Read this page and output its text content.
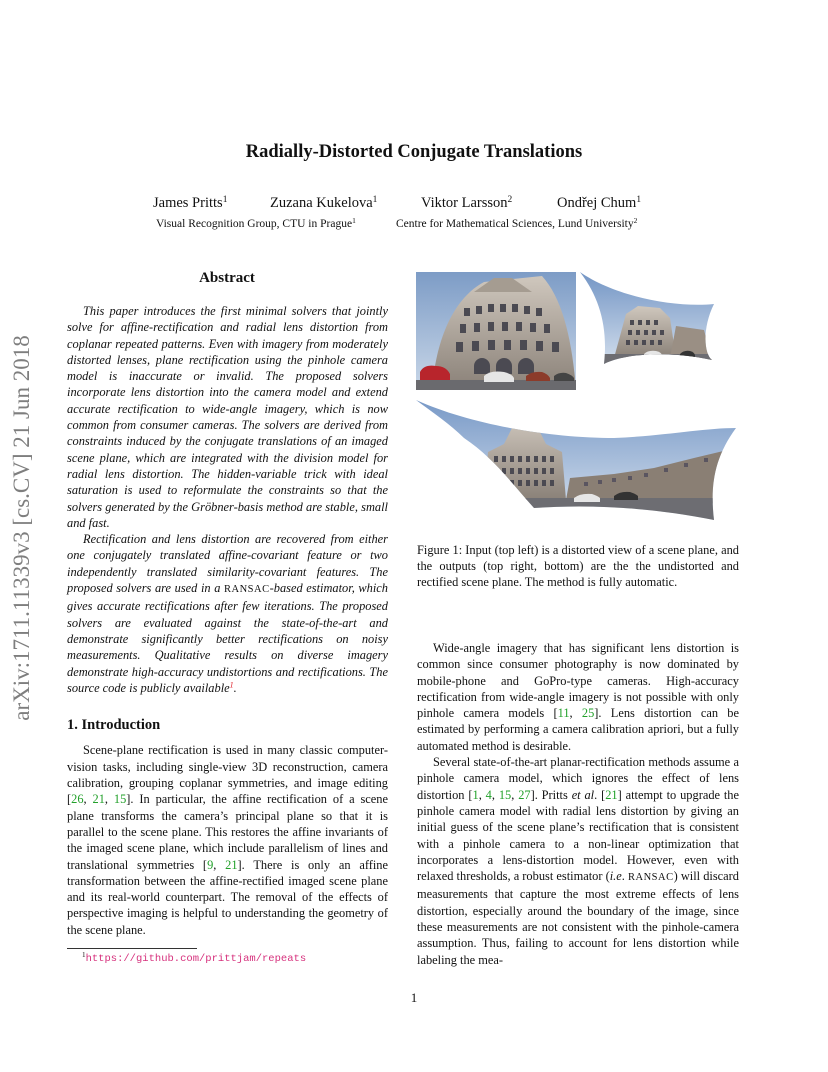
arXiv:1711.11339v3 [cs.CV] 21 Jun 2018
Radially-Distorted Conjugate Translations
James Pritts$^1$	Zuzana Kukelova$^1$	Viktor Larsson$^2$	Ondřej Chum$^1$
Visual Recognition Group, CTU in Prague$^1$	Centre for Mathematical Sciences, Lund University$^2$
Abstract

This paper introduces the first minimal solvers that jointly solve for affine-rectification and radial lens distortion from coplanar repeated patterns. Even with imagery from moderately distorted lenses, plane rectification using the pinhole camera model is inaccurate or invalid. The proposed solvers incorporate lens distortion into the camera model and extend accurate rectification to wide-angle imagery, which is now common from consumer cameras. The solvers are derived from constraints induced by the conjugate translations of an imaged scene plane, which are integrated with the division model for radial lens distortion. The hidden-variable trick with ideal saturation is used to reformulate the constraints so that the solvers generated by the Gröbner-basis method are stable, small and fast.

Rectification and lens distortion are recovered from either one conjugately translated affine-covariant feature or two independently translated similarity-covariant features. The proposed solvers are used in a RANSAC-based estimator, which gives accurate rectifications after few iterations. The proposed solvers are evaluated against the state-of-the-art and demonstrate significantly better rectifications on noisy measurements. Qualitative results on diverse imagery demonstrate high-accuracy undistortions and rectifications. The source code is publicly available$^1$.

1. Introduction

Scene-plane rectification is used in many classic computer-vision tasks, including single-view 3D reconstruction, camera calibration, grouping coplanar symmetries, and image editing [26, 21, 15]. In particular, the affine rectification of a scene plane transforms the camera’s principal plane so that it is parallel to the scene plane. This restores the affine invariants of the imaged scene plane, which include parallelism of lines and translational symmetries [9, 21]. There is only an affine transformation between the affine-rectified imaged scene plane and its real-world counterpart. The removal of the effects of perspective imaging is helpful to understanding the geometry of the scene plane.

$^1$https://github.com/prittjam/repeats
Figure 1: Input (top left) is a distorted view of a scene plane, and the outputs (top right, bottom) are the the undistorted and rectified scene plane. The method is fully automatic.

Wide-angle imagery that has significant lens distortion is common since consumer photography is now dominated by mobile-phone and GoPro-type cameras. High-accuracy rectification from wide-angle imagery is not possible with only pinhole camera models [11, 25]. Lens distortion can be estimated by performing a camera calibration apriori, but a fully automated method is desirable.

Several state-of-the-art planar-rectification methods assume a pinhole camera model, which ignores the effect of lens distortion [1, 4, 15, 27]. Pritts et al. [21] attempt to upgrade the pinhole camera model with radial lens distortion by giving an initial guess of the scene plane’s rectification that is consistent with a pinhole camera to a non-linear optimization that incorporates a lens-distortion model. However, even with relaxed thresholds, a robust estimator (i.e. RANSAC) will discard measurements that capture the most extreme effects of lens distortion, especially around the boundary of the image, since these measurements are not consistent with the pinhole-camera assumption. Thus, failing to account for lens distortion while labeling the mea-

1
